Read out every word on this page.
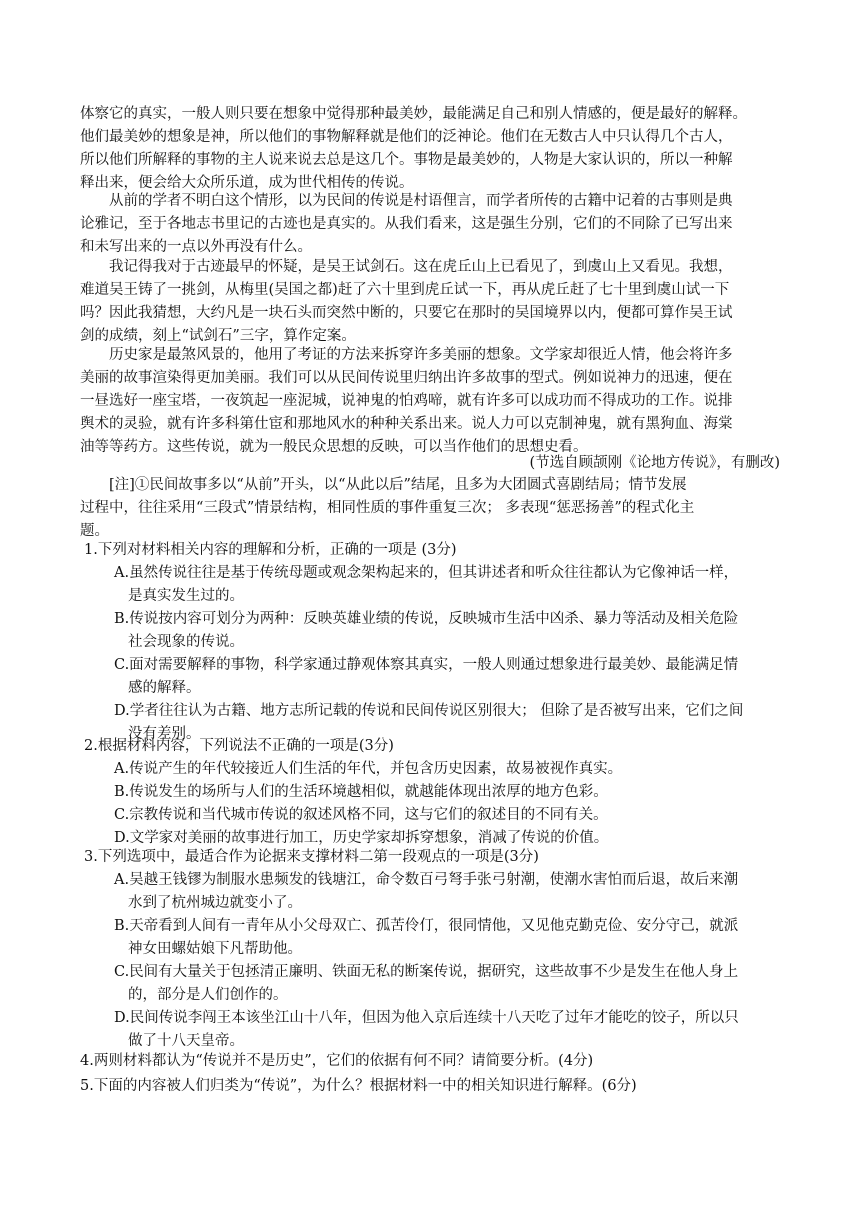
体察它的真实，一般人则只要在想象中觉得那种最美妙，最能满足自己和别人情感的，便是最好的解释。
他们最美妙的想象是神，所以他们的事物解释就是他们的泛神论。他们在无数古人中只认得几个古人，
所以他们所解释的事物的主人说来说去总是这几个。事物是最美妙的，人物是大家认识的，所以一种解
释出来，便会给大众所乐道，成为世代相传的传说。

从前的学者不明白这个情形，以为民间的传说是村语俚言，而学者所传的古籍中记着的古事则是典
论雅记，至于各地志书里记的古迹也是真实的。从我们看来，这是强生分别，它们的不同除了已写出来
和未写出来的一点以外再没有什么。

我记得我对于古迹最早的怀疑，是吴王试剑石。这在虎丘山上已看见了，到虞山上又看见。我想，
难道吴王铸了一挑剑，从梅里(吴国之都)赶了六十里到虎丘试一下，再从虎丘赶了七十里到虞山试一下
吗？因此我猜想，大约凡是一块石头而突然中断的，只要它在那时的吴国境界以内，便都可算作吴王试
剑的成绩，刻上“试剑石”三字，算作定案。

历史家是最煞风景的，他用了考证的方法来拆穿许多美丽的想象。文学家却很近人情，他会将许多
美丽的故事渲染得更加美丽。我们可以从民间传说里归纳出许多故事的型式。例如说神力的迅速，便在
一昼选好一座宝塔，一夜筑起一座泥城，说神鬼的怕鸡啼，就有许多可以成功而不得成功的工作。说排
舆术的灵验，就有许多科第仕宦和那地风水的种种关系出来。说人力可以克制神鬼，就有黑狗血、海棠
油等等药方。这些传说，就为一般民众思想的反映，可以当作他们的思想史看。

(节选自顾颉刚《论地方传说》，有删改)

[注]①民间故事多以“从前”开头，以“从此以后”结尾，且多为大团圆式喜剧结局；情节发展
过程中，往往采用“三段式”情景结构，相同性质的事件重复三次； 多表现“惩恶扬善”的程式化主
题。

1.下列对材料相关内容的理解和分析，正确的一项是 (3分)
A.虽然传说往往是基于传统母题或观念架构起来的，但其讲述者和听众往往都认为它像神话一样，
是真实发生过的。
B.传说按内容可划分为两种：反映英雄业绩的传说，反映城市生活中凶杀、暴力等活动及相关危险
社会现象的传说。
C.面对需要解释的事物，科学家通过静观体察其真实，一般人则通过想象进行最美妙、最能满足情
感的解释。
D.学者往往认为古籍、地方志所记载的传说和民间传说区别很大； 但除了是否被写出来，它们之间
没有差别。
2.根据材料内容，下列说法不正确的一项是(3分)
A.传说产生的年代较接近人们生活的年代，并包含历史因素，故易被视作真实。
B.传说发生的场所与人们的生活环境越相似，就越能体现出浓厚的地方色彩。
C.宗教传说和当代城市传说的叙述风格不同，这与它们的叙述目的不同有关。
D.文学家对美丽的故事进行加工，历史学家却拆穿想象，消减了传说的价值。
3.下列选项中，最适合作为论据来支撑材料二第一段观点的一项是(3分)
A.吴越王钱镠为制服水患频发的钱塘江，命令数百弓弩手张弓射潮，使潮水害怕而后退，故后来潮
水到了杭州城边就变小了。
B.天帝看到人间有一青年从小父母双亡、孤苦伶仃，很同情他，又见他克勤克俭、安分守己，就派
神女田螺姑娘下凡帮助他。
C.民间有大量关于包拯清正廉明、铁面无私的断案传说，据研究，这些故事不少是发生在他人身上
的，部分是人们创作的。
D.民间传说李闯王本该坐江山十八年，但因为他入京后连续十八天吃了过年才能吃的饺子，所以只
做了十八天皇帝。
4.两则材料都认为“传说并不是历史”，它们的依据有何不同？请简要分析。(4分)
5.下面的内容被人们归类为“传说”，为什么？根据材料一中的相关知识进行解释。(6分)
